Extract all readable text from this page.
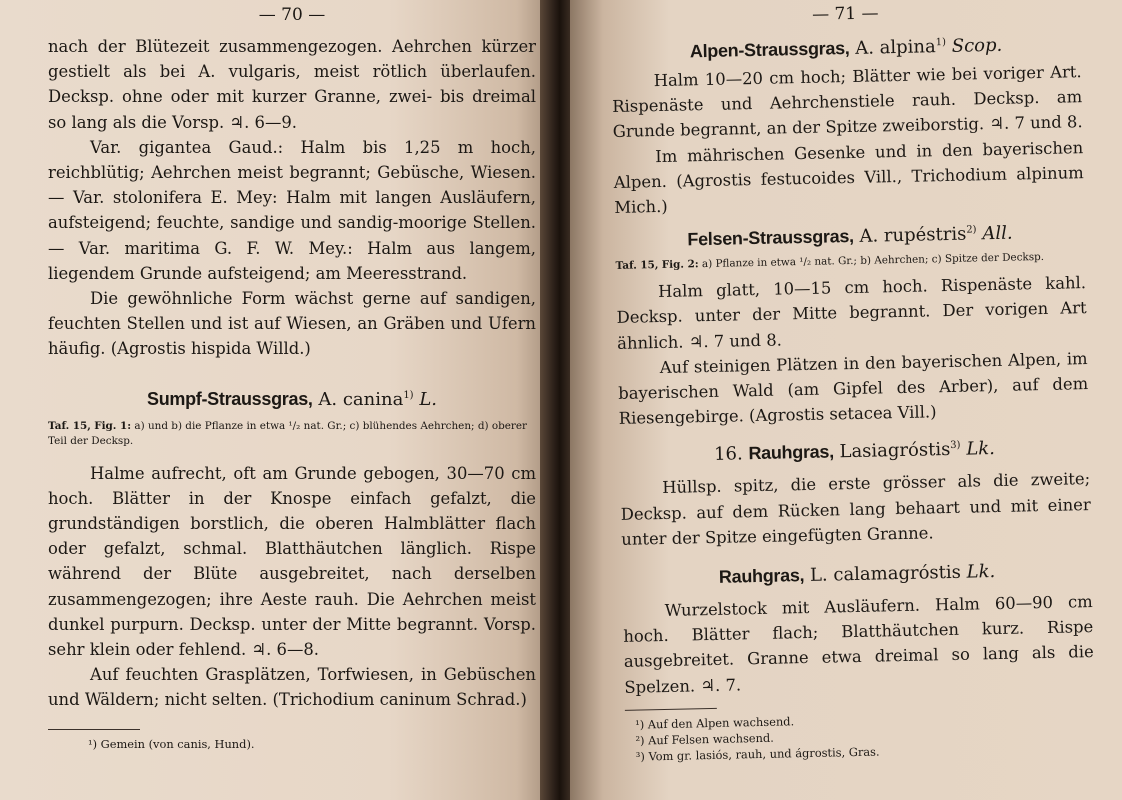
— 70 —

nach der Blütezeit zusammengezogen. Aehrchen kürzer gestielt als bei A. vulgaris, meist rötlich überlaufen. Decksp. ohne oder mit kurzer Granne, zwei- bis dreimal so lang als die Vorsp. ♃. 6—9.

Var. gigantea Gaud.: Halm bis 1,25 m hoch, reichblütig; Aehrchen meist begrannt; Gebüsche, Wiesen. — Var. stolonifera E. Mey: Halm mit langen Ausläufern, aufsteigend; feuchte, sandige und sandig-moorige Stellen. — Var. maritima G. F. W. Mey.: Halm aus langem, liegendem Grunde aufsteigend; am Meeresstrand.

Die gewöhnliche Form wächst gerne auf sandigen, feuchten Stellen und ist auf Wiesen, an Gräben und Ufern häufig. (Agrostis hispida Willd.)

Sumpf-Straussgras, A. canina$^{1)}$ L.

Taf. 15, Fig. 1: a) und b) die Pflanze in etwa ¹/₂ nat. Gr.; c) blühendes Aehrchen; d) oberer Teil der Decksp.

Halme aufrecht, oft am Grunde gebogen, 30—70 cm hoch. Blätter in der Knospe einfach gefalzt, die grundständigen borstlich, die oberen Halmblätter flach oder gefalzt, schmal. Blatthäutchen länglich. Rispe während der Blüte ausgebreitet, nach derselben zusammengezogen; ihre Aeste rauh. Die Aehrchen meist dunkel purpurn. Decksp. unter der Mitte begrannt. Vorsp. sehr klein oder fehlend. ♃. 6—8.

Auf feuchten Grasplätzen, Torfwiesen, in Gebüschen und Wäldern; nicht selten. (Trichodium caninum Schrad.)

¹) Gemein (von canis, Hund).

— 71 —
Alpen-Straussgras, A. alpina$^{1)}$ Scop.

Halm 10—20 cm hoch; Blätter wie bei voriger Art. Rispenäste und Aehrchenstiele rauh. Decksp. am Grunde begrannt, an der Spitze zweiborstig. ♃. 7 und 8.

Im mährischen Gesenke und in den bayerischen Alpen. (Agrostis festucoides Vill., Trichodium alpinum Mich.)

Felsen-Straussgras, A. rupéstris$^{2)}$ All.

Taf. 15, Fig. 2: a) Pflanze in etwa ¹/₂ nat. Gr.; b) Aehrchen; c) Spitze der Decksp.

Halm glatt, 10—15 cm hoch. Rispenäste kahl. Decksp. unter der Mitte begrannt. Der vorigen Art ähnlich. ♃. 7 und 8.

Auf steinigen Plätzen in den bayerischen Alpen, im bayerischen Wald (am Gipfel des Arber), auf dem Riesengebirge. (Agrostis setacea Vill.)

16. Rauhgras, Lasiagróstis$^{3)}$ Lk.

Hüllsp. spitz, die erste grösser als die zweite; Decksp. auf dem Rücken lang behaart und mit einer unter der Spitze eingefügten Granne.

Rauhgras, L. calamagróstis Lk.

Wurzelstock mit Ausläufern. Halm 60—90 cm hoch. Blätter flach; Blatthäutchen kurz. Rispe ausgebreitet. Granne etwa dreimal so lang als die Spelzen. ♃. 7.

¹) Auf den Alpen wachsend.

²) Auf Felsen wachsend.

³) Vom gr. lasiós, rauh, und ágrostis, Gras.
